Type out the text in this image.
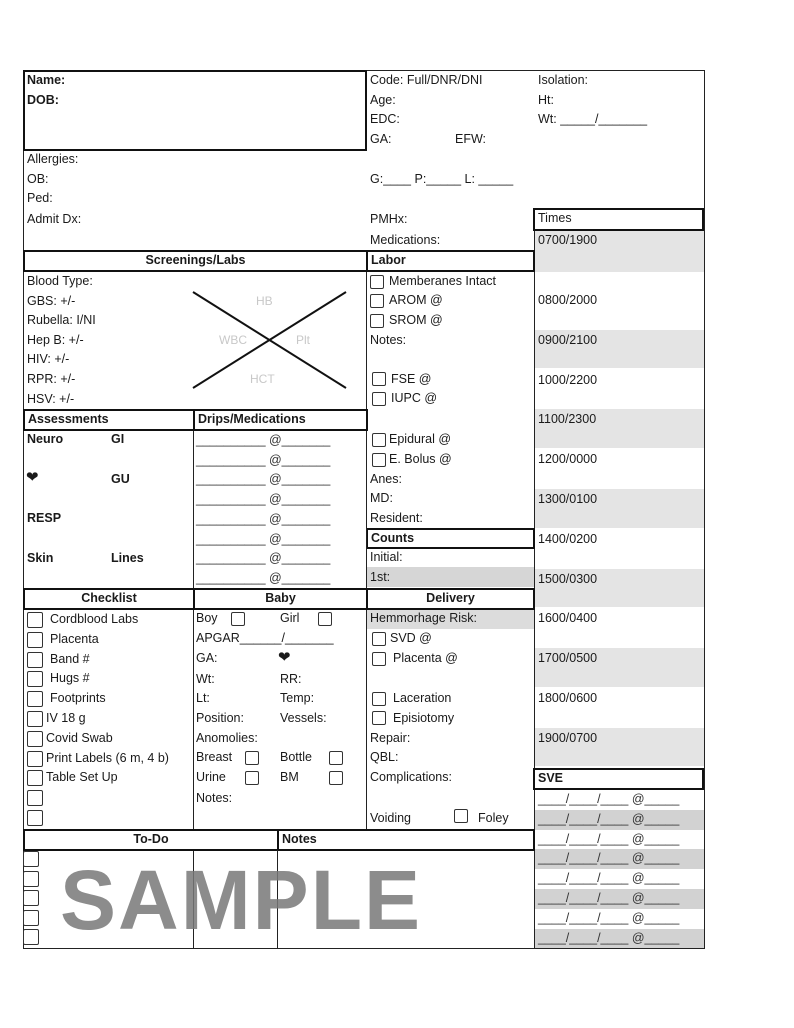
0700/1900
0800/2000
0900/2100
1000/2200
1100/2300
1200/0000
1300/0100
1400/0200
1500/0300
1600/0400
1700/0500
1800/0600
1900/0700
Name:
DOB:
Code: Full/DNR/DNI	Isolation:
Age:	Ht:
EDC:	Wt: _____/_______
GA:	EFW:
Allergies:
OB:	G:____ P:_____ L: _____
Ped:
Admit Dx:	PMHx:
Medications:
Times
Screenings/Labs	Labor
Blood Type:
GBS: +/-
Rubella: I/NI
Hep B: +/-
HIV: +/-
RPR: +/-
HSV: +/-
HB
WBC	Plt
HCT
Memberanes Intact
AROM @
SROM @
Notes:
FSE @
IUPC @
Epidural @
E. Bolus @
Anes:
MD:
Resident:
Counts
Initial:
1st:
Assessments	Drips/Medications
Neuro	GI
❤	GU
RESP
Skin	Lines
__________ @_______
__________ @_______
__________ @_______
__________ @_______
__________ @_______
__________ @_______
__________ @_______
__________ @_______
Checklist	Baby	Delivery
Cordblood Labs
Placenta
Band #
Hugs #
Footprints
IV 18 g
Covid Swab
Print Labels (6 m, 4 b)
Table Set Up
Boy	Girl
APGAR______/_______
GA:	❤
Wt:	RR:
Lt:	Temp:
Position:	Vessels:
Anomolies:
Breast	Bottle
Urine	BM
Notes:
Hemmorhage Risk:
SVD @
Placenta @
Laceration
Episiotomy
Repair:
QBL:
Complications:
Voiding	Foley
SVE
____/____/____ @_____
____/____/____ @_____
____/____/____ @_____
____/____/____ @_____
____/____/____ @_____
____/____/____ @_____
____/____/____ @_____
____/____/____ @_____
To-Do	Notes
SAMPLE
